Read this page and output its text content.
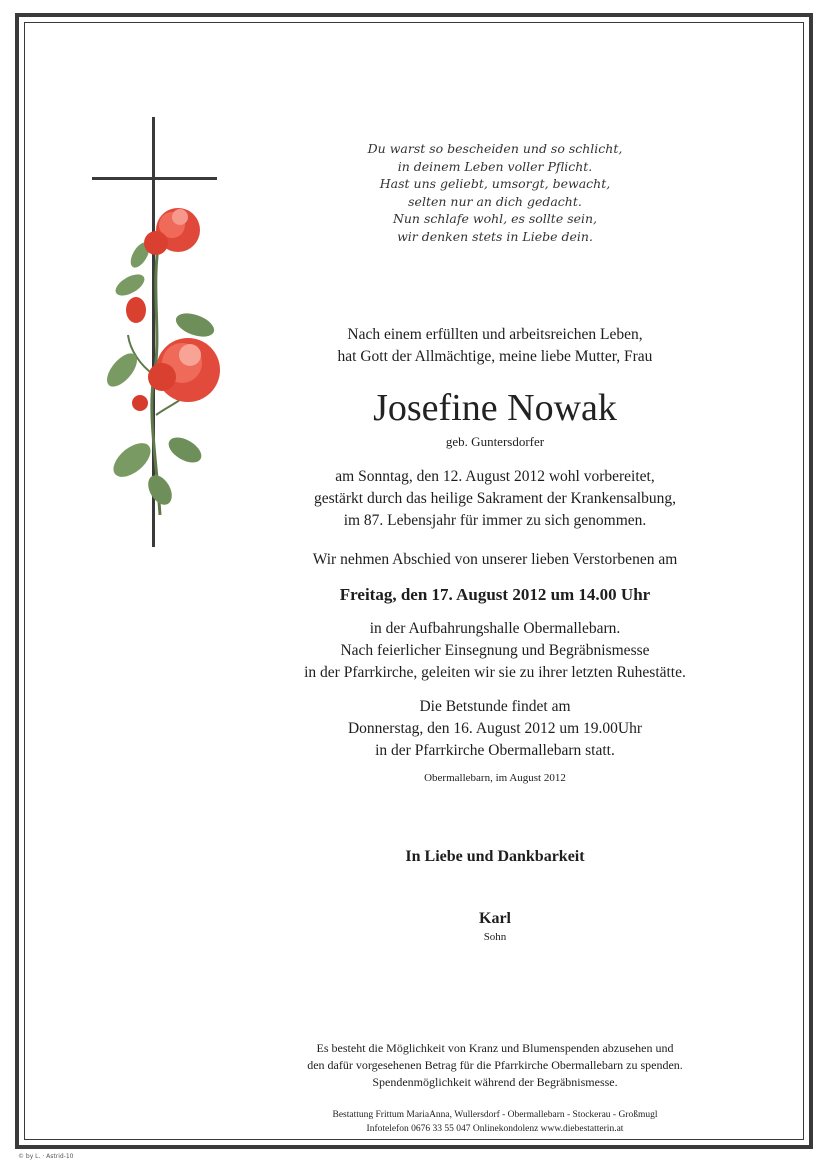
Du warst so bescheiden und so schlicht,
in deinem Leben voller Pflicht.
Hast uns geliebt, umsorgt, bewacht,
selten nur an dich gedacht.
Nun schlafe wohl, es sollte sein,
wir denken stets in Liebe dein.
Nach einem erfüllten und arbeitsreichen Leben,
hat Gott der Allmächtige, meine liebe Mutter, Frau
Josefine Nowak
geb. Guntersdorfer
am Sonntag, den 12. August 2012 wohl vorbereitet,
gestärkt durch das heilige Sakrament der Krankensalbung,
im 87. Lebensjahr für immer zu sich genommen.
Wir nehmen Abschied von unserer lieben Verstorbenen am
Freitag, den 17. August 2012 um 14.00 Uhr
in der Aufbahrungshalle Obermallebarn.
Nach feierlicher Einsegnung und Begräbnismesse
in der Pfarrkirche, geleiten wir sie zu ihrer letzten Ruhestätte.
Die Betstunde findet am
Donnerstag, den 16. August 2012 um 19.00Uhr
in der Pfarrkirche Obermallebarn statt.
Obermallebarn, im August 2012
In Liebe und Dankbarkeit
Karl
Sohn
Es besteht die Möglichkeit von Kranz und Blumenspenden abzusehen und
den dafür vorgesehenen Betrag für die Pfarrkirche Obermallebarn zu spenden.
Spendenmöglichkeit während der Begräbnismesse.
Bestattung Frittum MariaAnna, Wullersdorf - Obermallebarn - Stockerau - Großmugl
Infotelefon 0676 33 55 047 Onlinekondolenz www.diebestatterin.at
© by L. · Astrid-10
